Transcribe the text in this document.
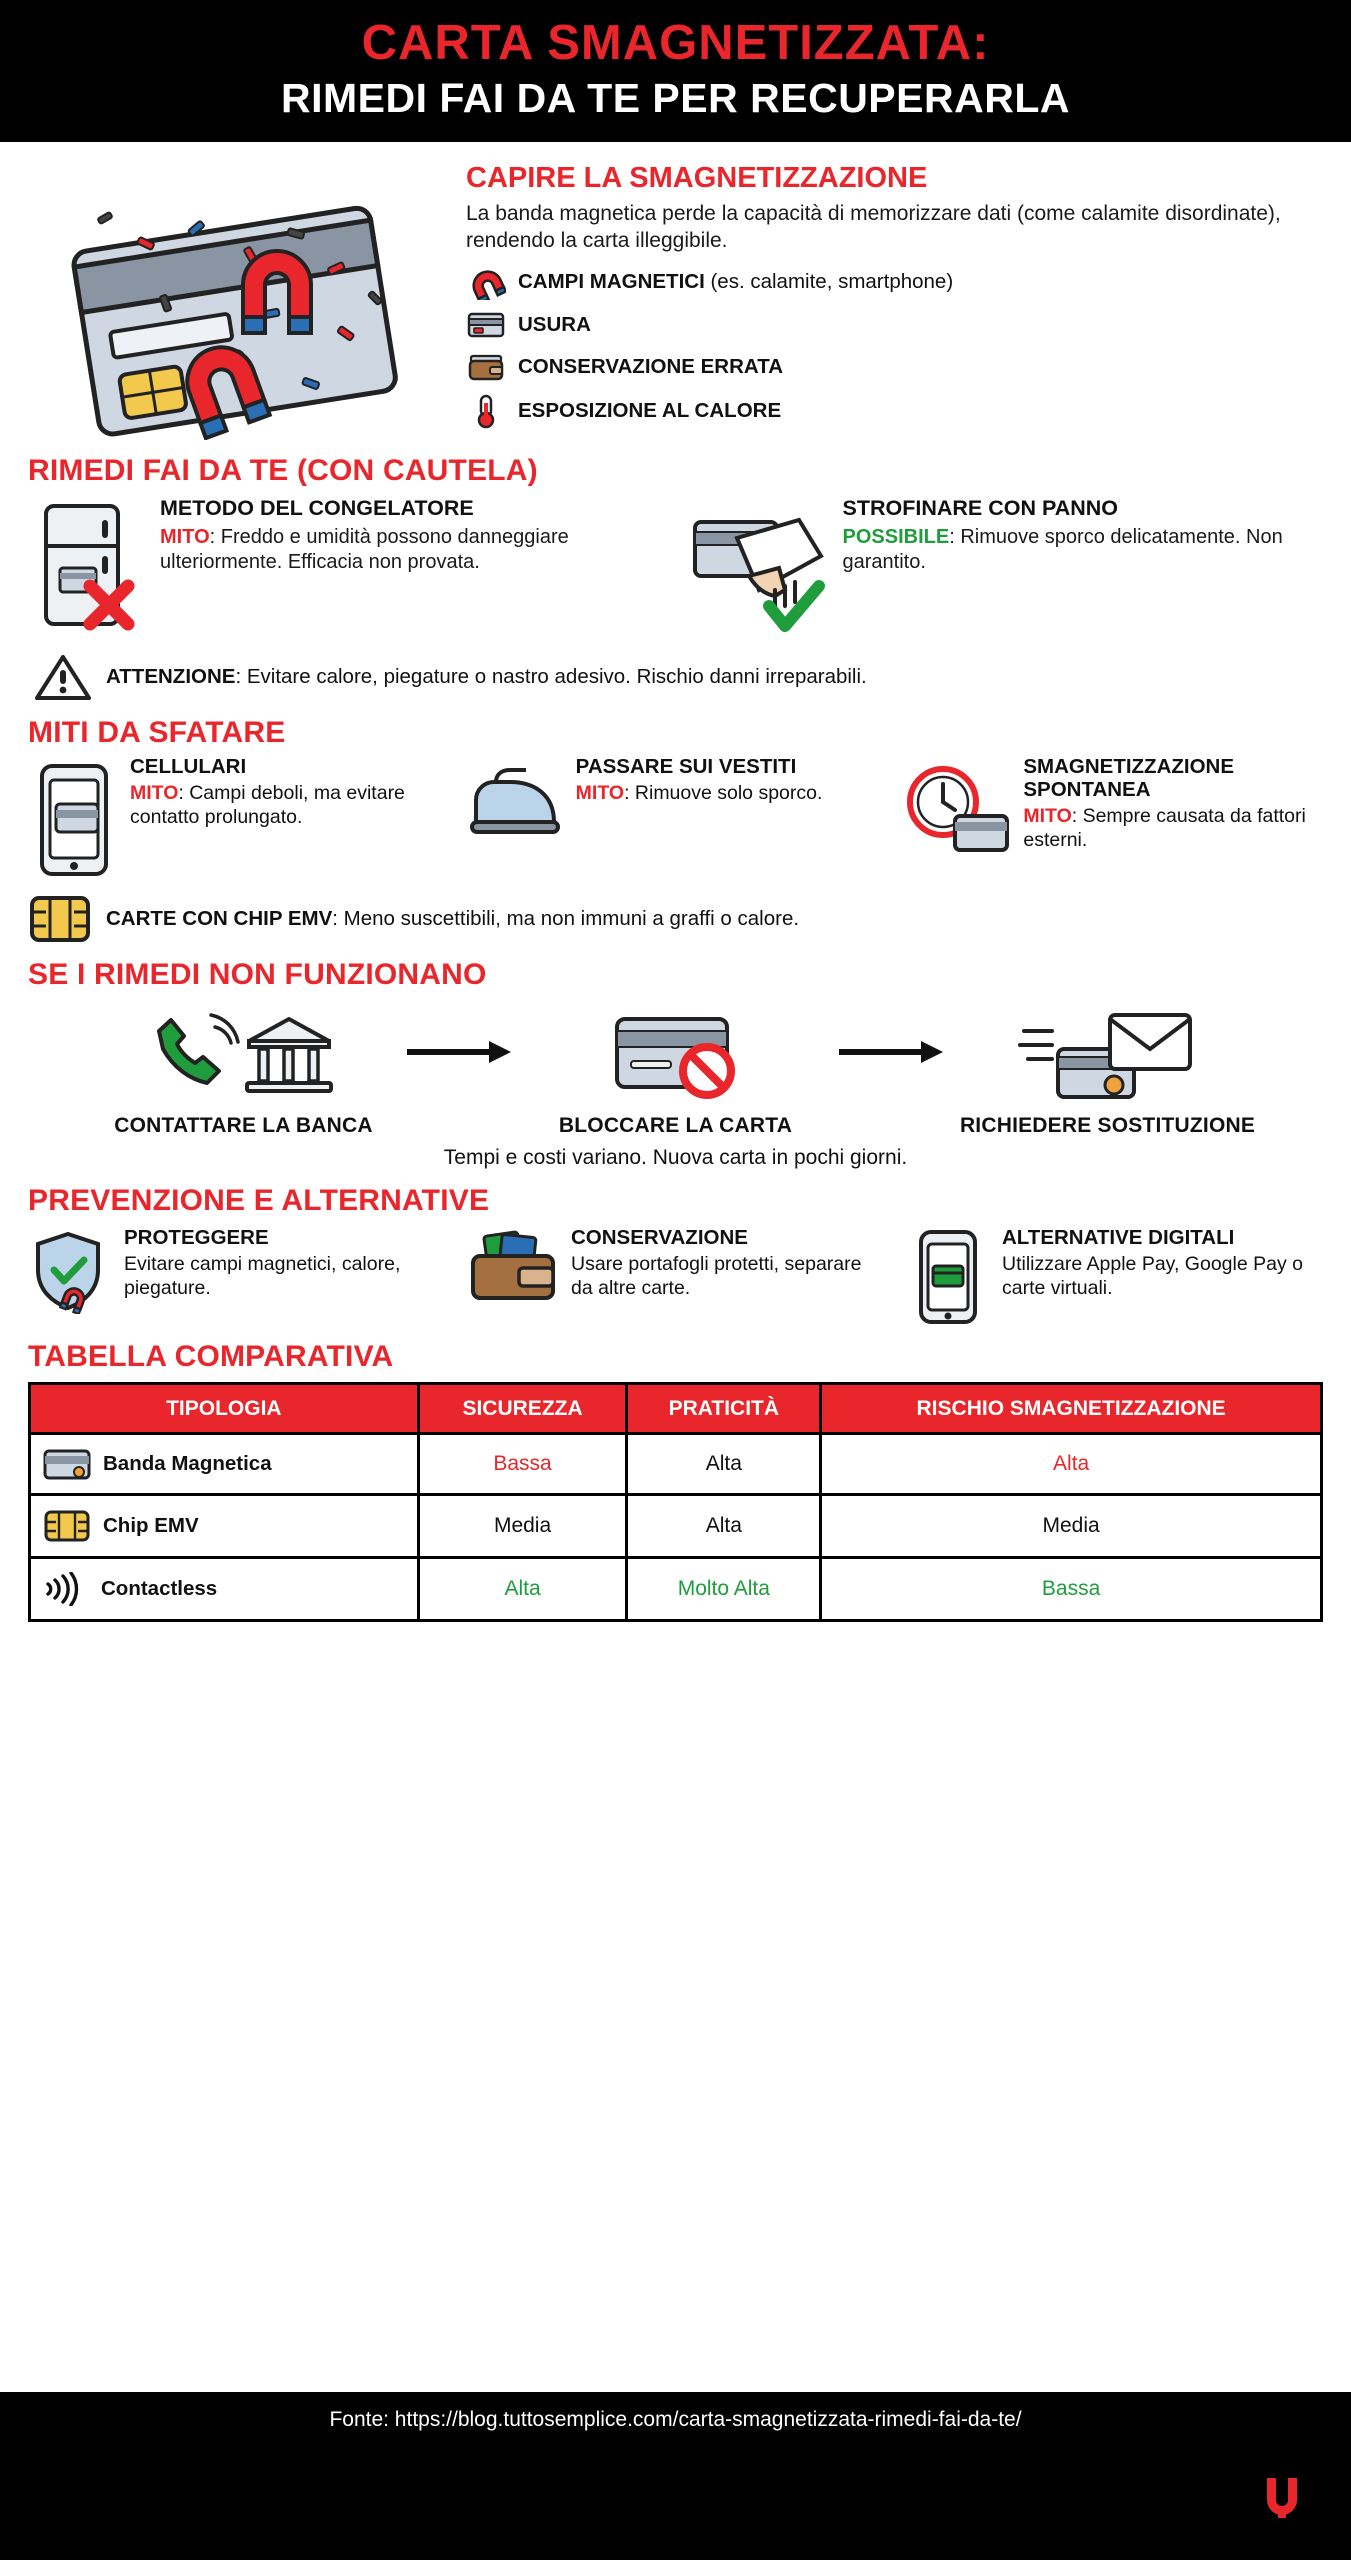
CARTA SMAGNETIZZATA:
RIMEDI FAI DA TE PER RECUPERARLA
CAPIRE LA SMAGNETIZZAZIONE

La banda magnetica perde la capacità di memorizzare dati (come calamite disordinate), rendendo la carta illeggibile.

CAMPI MAGNETICI (es. calamite, smartphone)
USURA
CONSERVAZIONE ERRATA
ESPOSIZIONE AL CALORE
RIMEDI FAI DA TE (CON CAUTELA)
METODO DEL CONGELATORE

MITO: Freddo e umidità possono danneggiare ulteriormente. Efficacia non provata.

STROFINARE CON PANNO

POSSIBILE: Rimuove sporco delicatamente. Non garantito.

ATTENZIONE: Evitare calore, piegature o nastro adesivo. Rischio danni irreparabili.
MITI DA SFATARE
CELLULARI

MITO: Campi deboli, ma evitare contatto prolungato.

PASSARE SUI VESTITI

MITO: Rimuove solo sporco.

SMAGNETIZZAZIONE SPONTANEA

MITO: Sempre causata da fattori esterni.

CARTE CON CHIP EMV: Meno suscettibili, ma non immuni a graffi o calore.
SE I RIMEDI NON FUNZIONANO
CONTATTARE LA BANCA	BLOCCARE LA CARTA	RICHIEDERE SOSTITUZIONE
Tempi e costi variano. Nuova carta in pochi giorni.
PREVENZIONE E ALTERNATIVE
PROTEGGERE

Evitare campi magnetici, calore, piegature.

CONSERVAZIONE

Usare portafogli protetti, separare da altre carte.

ALTERNATIVE DIGITALI

Utilizzare Apple Pay, Google Pay o carte virtuali.

TABELLA COMPARATIVA
TIPOLOGIA	SICUREZZA	PRATICITÀ	RISCHIO SMAGNETIZZAZIONE

Banda Magnetica	Bassa	Alta	Alta

Chip EMV	Media	Alta	Media

Contactless	Alta	Molto Alta	Bassa
Fonte: https://blog.tuttosemplice.com/carta-smagnetizzata-rimedi-fai-da-te/
